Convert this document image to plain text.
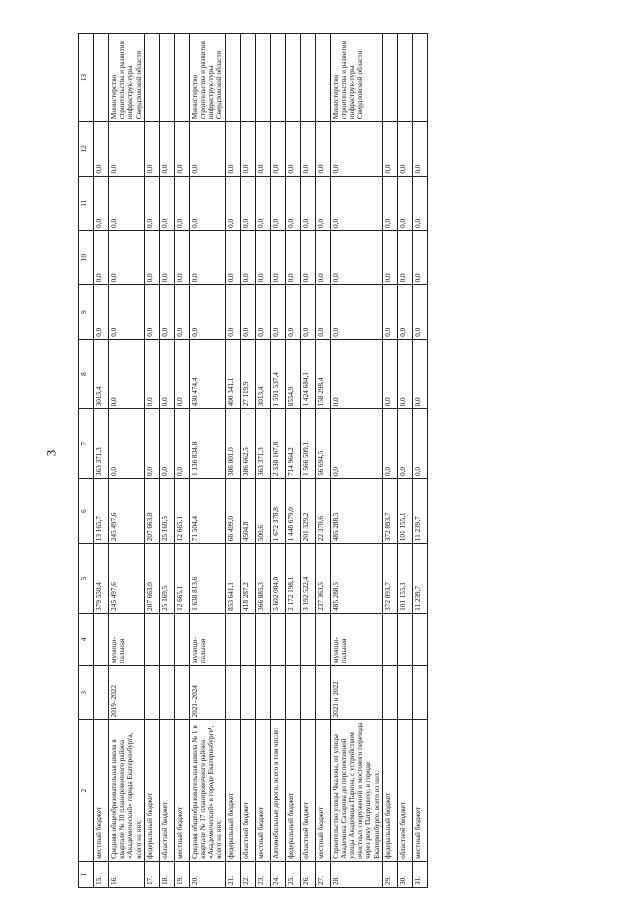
3
1	2	3	4	5	6	7	8	9	10	11	12	13
15.	местный бюджет			379 550,4	13 165,7	363 371,3	3013,4	0,0	0,0	0,0	0,0	
16.	Средняя общеобразовательная школа в квартале № 10 планировочного района «Академический» города Екатеринбурга, всего из них:	2019–2022	муници-пальная	245 497,6	245 497,6	0,0	0,0	0,0	0,0	0,0	0,0	Министерство строительства и развития инфраструк-туры Свердловской области
17.	федеральный бюджет			207 663,0	207 663,0	0,0	0,0	0,0	0,0	0,0	0,0	
18.	областной бюджет			25 169,5	25 169,5	0,0	0,0	0,0	0,0	0,0	0,0	
19.	местный бюджет			12 665,1	12 665,1	0,0	0,0	0,0	0,0	0,0	0,0	
20.	Средняя общеобразовательная школа № 1 в квартале № 17 планировочного района «Академический» в городе Екатеринбурге¹, всего из них:	2021–2024	муници-пальная	1 638 813,6	71 504,4	1 136 834,8	430 474,4	0,0	0,0	0,0	0,0	Министерство строительства и развития инфраструк-туры Свердловской области
21.	федеральный бюджет			853 641,1	66 499,0	386 801,0	400 341,1	0,0	0,0	0,0	0,0	
22.	областной бюджет			418 287,2	4504,8	386 662,5	27 119,9	0,0	0,0	0,0	0,0	
23.	местный бюджет			366 885,3	500,6	363 371,3	3013,4	0,0	0,0	0,0	0,0	
24.	Автомобильные дороги, всего в том числе:			5 602 084,0	1 672 378,8	2 338 167,8	1 591 537,4	0,0	0,0	0,0	0,0	
25.	федеральный бюджет			2 172 198,1	1 448 679,0	714 964,2	8554,9	0,0	0,0	0,0	0,0	
26.	областной бюджет			3 192 522,4	201 329,2	1 566 509,1	1 424 684,1	0,0	0,0	0,0	0,0	
27.	местный бюджет			237 363,5	22 370,6	56 694,5	158 298,4	0,0	0,0	0,0	0,0	
28.	Строительство улицы Чкалова, от улицы Академика Сахарова до перспективной улицы Академика Парина, с устройством очистных сооружений и мостового перехода через реку Патрушиху, в городе Екатеринбурге, всего из них:	2021 и 2022	муници-пальная	485 288,5	485 288,5	0,0	0,0	0,0	0,0	0,0	0,0	Министерство строительства и развития инфраструк-туры Свердловской области
29.	федеральный бюджет			372 893,7	372 893,7	0,0	0,0	0,0	0,0	0,0	0,0	
30.	областной бюджет			101 155,1	101 155,1	0,0	0,0	0,0	0,0	0,0	0,0	
31.	местный бюджет			11 239,7	11 239,7	0,0	0,0	0,0	0,0	0,0	0,0	
